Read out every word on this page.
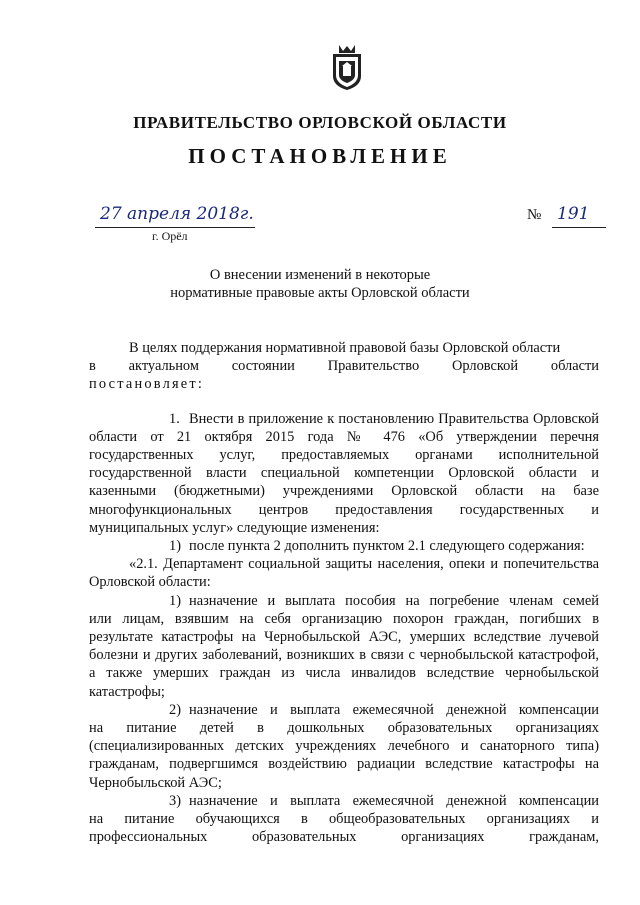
ПРАВИТЕЛЬСТВО ОРЛОВСКОЙ ОБЛАСТИ
ПОСТАНОВЛЕНИЕ
27 апреля 2018г.
г. Орёл
№ 191
О внесении изменений в некоторые
нормативные правовые акты Орловской области

В целях поддержания нормативной правовой базы Орловской области

в актуальном состоянии Правительство Орловской области

постановляет:

1. Внести в приложение к постановлению Правительства Орловской

области от 21 октября 2015 года № 476 «Об утверждении перечня государственных услуг, предоставляемых органами исполнительной государственной власти специальной компетенции Орловской области и казенными (бюджетными) учреждениями Орловской области на базе многофункциональных центров предоставления государственных и муниципальных услуг» следующие изменения:

1) после пункта 2 дополнить пунктом 2.1 следующего содержания:

«2.1. Департамент социальной защиты населения, опеки и попечительства Орловской области:

1) назначение и выплата пособия на погребение членам семей

или лицам, взявшим на себя организацию похорон граждан, погибших в результате катастрофы на Чернобыльской АЭС, умерших вследствие лучевой болезни и других заболеваний, возникших в связи с чернобыльской катастрофой, а также умерших граждан из числа инвалидов вследствие чернобыльской катастрофы;

2) назначение и выплата ежемесячной денежной компенсации

на питание детей в дошкольных образовательных организациях (специализированных детских учреждениях лечебного и санаторного типа) гражданам, подвергшимся воздействию радиации вследствие катастрофы на Чернобыльской АЭС;

3) назначение и выплата ежемесячной денежной компенсации

на питание обучающихся в общеобразовательных организациях и профессиональных образовательных организациях гражданам,
